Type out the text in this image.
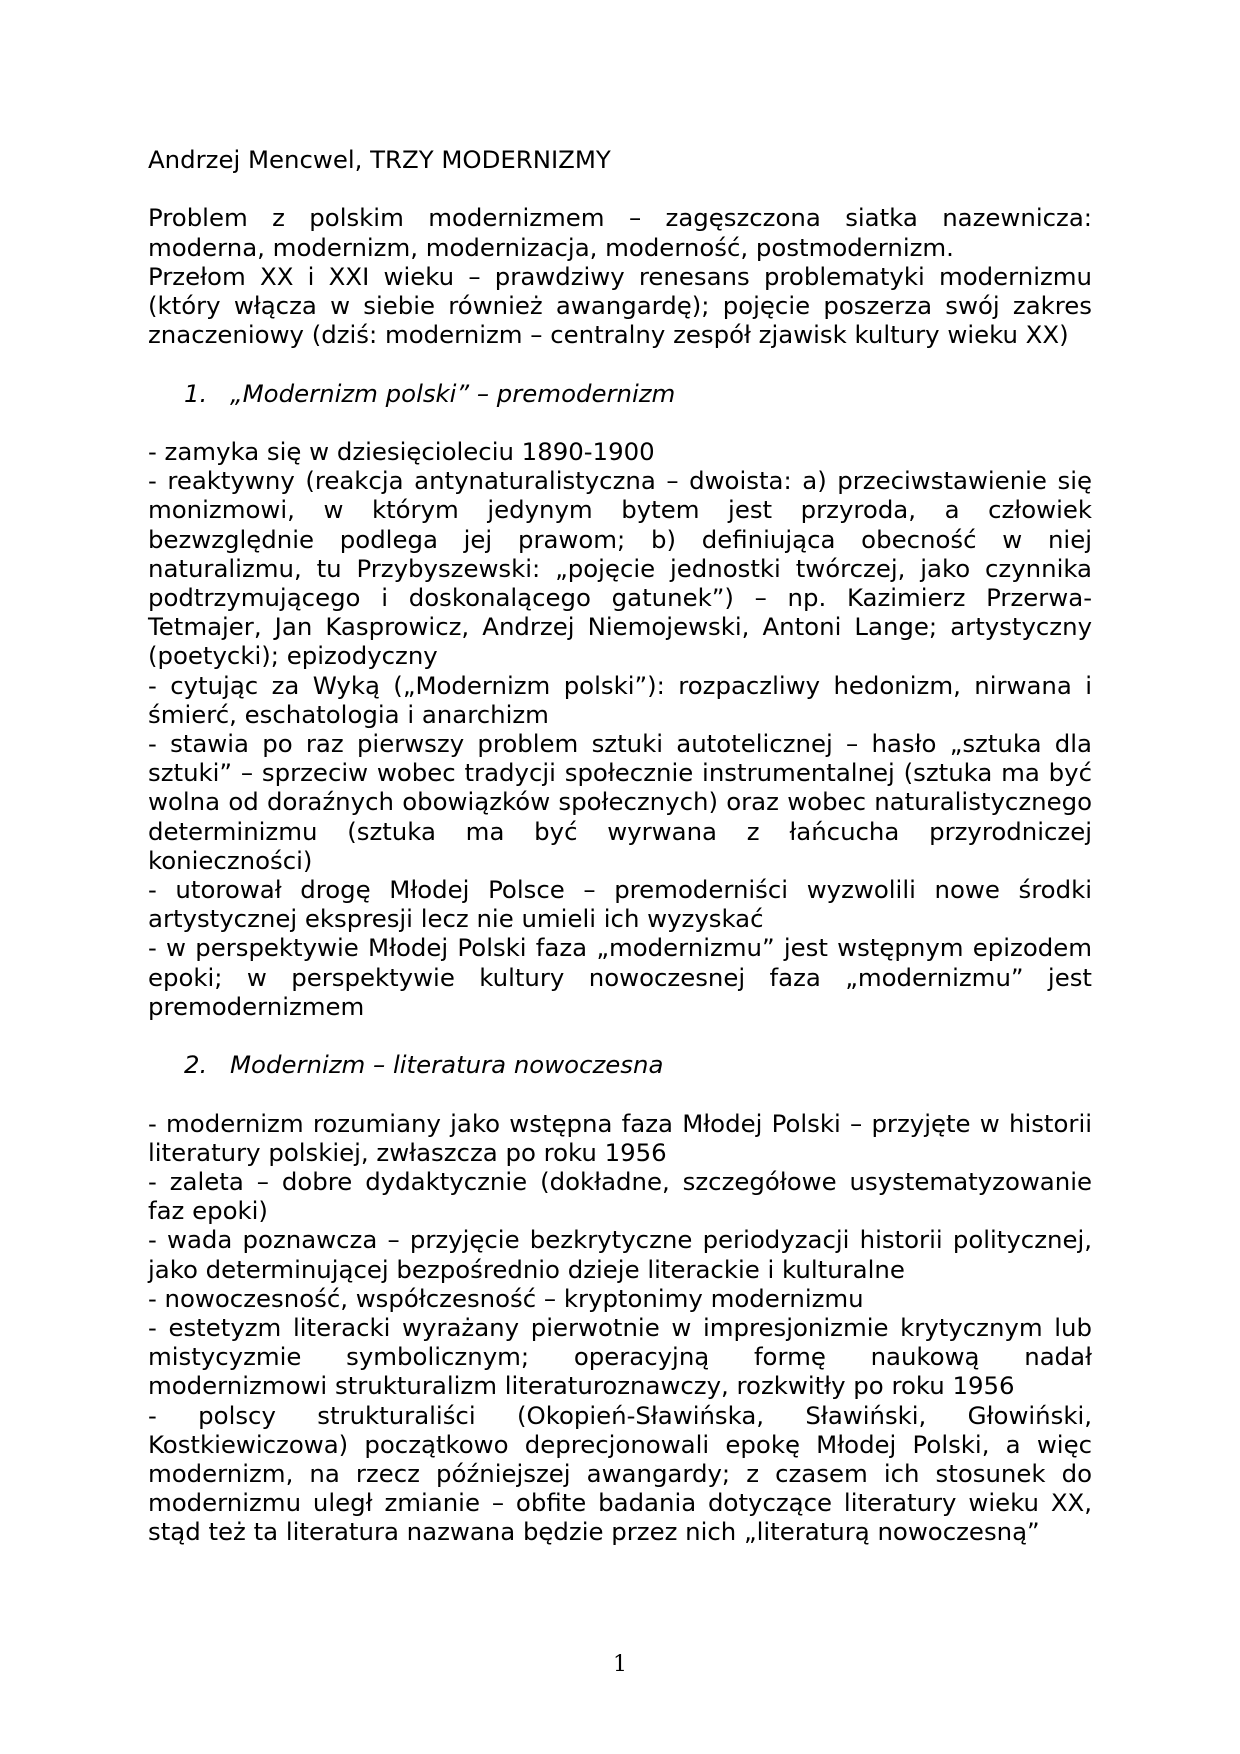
Andrzej Mencwel, TRZY MODERNIZMY

Problem z polskim modernizmem – zagęszczona siatka nazewnicza: moderna, modernizm, modernizacja, moderność, postmodernizm.

Przełom XX i XXI wieku – prawdziwy renesans problematyki modernizmu (który włącza w siebie również awangardę); pojęcie poszerza swój zakres znaczeniowy (dziś: modernizm – centralny zespół zjawisk kultury wieku XX)

1. „Modernizm polski” – premodernizm

- zamyka się w dziesięcioleciu 1890-1900

- reaktywny (reakcja antynaturalistyczna – dwoista: a) przeciwstawienie się monizmowi, w którym jedynym bytem jest przyroda, a człowiek bezwzględnie podlega jej prawom; b) definiująca obecność w niej naturalizmu, tu Przybyszewski: „pojęcie jednostki twórczej, jako czynnika podtrzymującego i doskonalącego gatunek”) – np. Kazimierz Przerwa-Tetmajer, Jan Kasprowicz, Andrzej Niemojewski, Antoni Lange; artystyczny (poetycki); epizodyczny

- cytując za Wyką („Modernizm polski”): rozpaczliwy hedonizm, nirwana i śmierć, eschatologia i anarchizm

- stawia po raz pierwszy problem sztuki autotelicznej – hasło „sztuka dla sztuki” – sprzeciw wobec tradycji społecznie instrumentalnej (sztuka ma być wolna od doraźnych obowiązków społecznych) oraz wobec naturalistycznego determinizmu (sztuka ma być wyrwana z łańcucha przyrodniczej konieczności)

- utorował drogę Młodej Polsce – premoderniści wyzwolili nowe środki artystycznej ekspresji lecz nie umieli ich wyzyskać

- w perspektywie Młodej Polski faza „modernizmu” jest wstępnym epizodem epoki; w perspektywie kultury nowoczesnej faza „modernizmu” jest premodernizmem

2. Modernizm – literatura nowoczesna

- modernizm rozumiany jako wstępna faza Młodej Polski – przyjęte w historii literatury polskiej, zwłaszcza po roku 1956

- zaleta – dobre dydaktycznie (dokładne, szczegółowe usystematyzowanie faz epoki)

- wada poznawcza – przyjęcie bezkrytyczne periodyzacji historii politycznej, jako determinującej bezpośrednio dzieje literackie i kulturalne

- nowoczesność, współczesność – kryptonimy modernizmu

- estetyzm literacki wyrażany pierwotnie w impresjonizmie krytycznym lub mistycyzmie symbolicznym; operacyjną formę naukową nadał modernizmowi strukturalizm literaturoznawczy, rozkwitły po roku 1956

- polscy strukturaliści (Okopień-Sławińska, Sławiński, Głowiński, Kostkiewiczowa) początkowo deprecjonowali epokę Młodej Polski, a więc modernizm, na rzecz późniejszej awangardy; z czasem ich stosunek do modernizmu uległ zmianie – obfite badania dotyczące literatury wieku XX, stąd też ta literatura nazwana będzie przez nich „literaturą nowoczesną”

1
